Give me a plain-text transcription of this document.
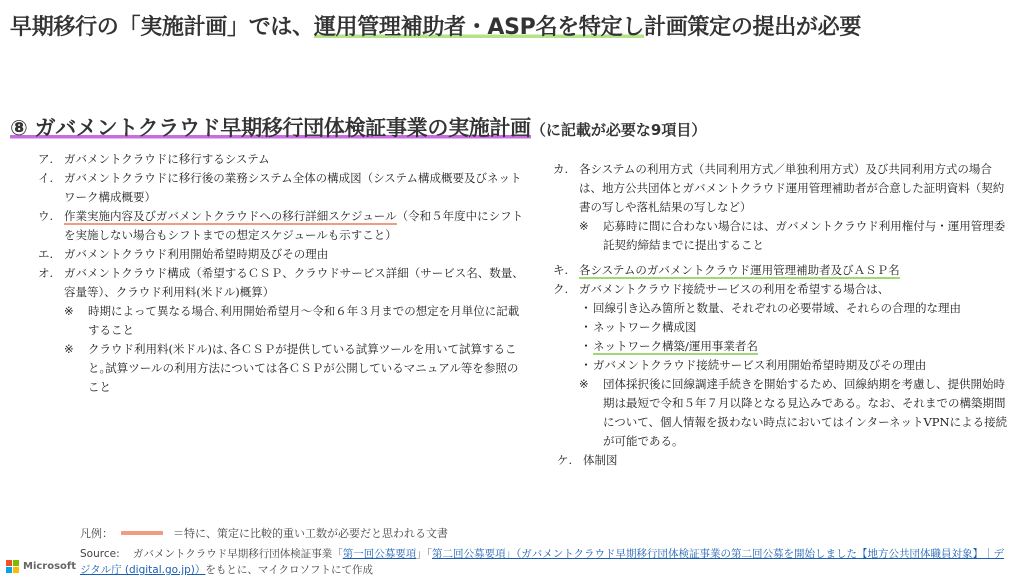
早期移行の「実施計画」では、運用管理補助者・ASP名を特定し計画策定の提出が必要
⑧ ガバメントクラウド早期移行団体検証事業の実施計画（に記載が必要な9項目）
ア. ガバメントクラウドに移行するシステム
イ. ガバメントクラウドに移行後の業務システム全体の構成図（システム構成概要及びネットワーク構成概要）
ウ. 作業実施内容及びガバメントクラウドへの移行詳細スケジュール（令和５年度中にシフトを実施しない場合もシフトまでの想定スケジュールも示すこと）
エ. ガバメントクラウド利用開始希望時期及びその理由
オ. ガバメントクラウド構成（希望するＣＳＰ、クラウドサービス詳細（サービス名、数量、容量等）、クラウド利用料(米ドル)概算）
※	時期によって異なる場合､利用開始希望月～令和６年３月までの想定を月単位に記載すること
※	クラウド利用料(米ドル)は､各ＣＳＰが提供している試算ツールを用いて試算すること｡試算ツールの利用方法については各ＣＳＰが公開しているマニュアル等を参照のこと
カ. 各システムの利用方式（共同利用方式／単独利用方式）及び共同利用方式の場合は、地方公共団体とガバメントクラウド運用管理補助者が合意した証明資料（契約書の写しや落札結果の写しなど）
※	応募時に間に合わない場合には、ガバメントクラウド利用権付与・運用管理委託契約締結までに提出すること
キ. 各システムのガバメントクラウド運用管理補助者及びＡＳＰ名
ク. ガバメントクラウド接続サービスの利用を希望する場合は、
・ 回線引き込み箇所と数量、それぞれの必要帯域、それらの合理的な理由
・ ネットワーク構成図
・ ネットワーク構築/運用事業者名
・ ガバメントクラウド接続サービス利用開始希望時期及びその理由
※	団体採択後に回線調達手続きを開始するため、回線納期を考慮し、提供開始時期は最短で令和５年７月以降となる見込みである。なお、それまでの構築期間について、個人情報を扱わない時点においてはインターネットVPNによる接続が可能である。
ケ. 体制図
凡例：	＝特に、策定に比較的重い工数が必要だと思われる文書
Source: ガバメントクラウド早期移行団体検証事業「第一回公募要項」「第二回公募要項」（ガバメントクラウド早期移行団体検証事業の第二回公募を開始しました【地方公共団体職員対象】｜デジタル庁 (digital.go.jp)）をもとに、マイクロソフトにて作成
Microsoft
